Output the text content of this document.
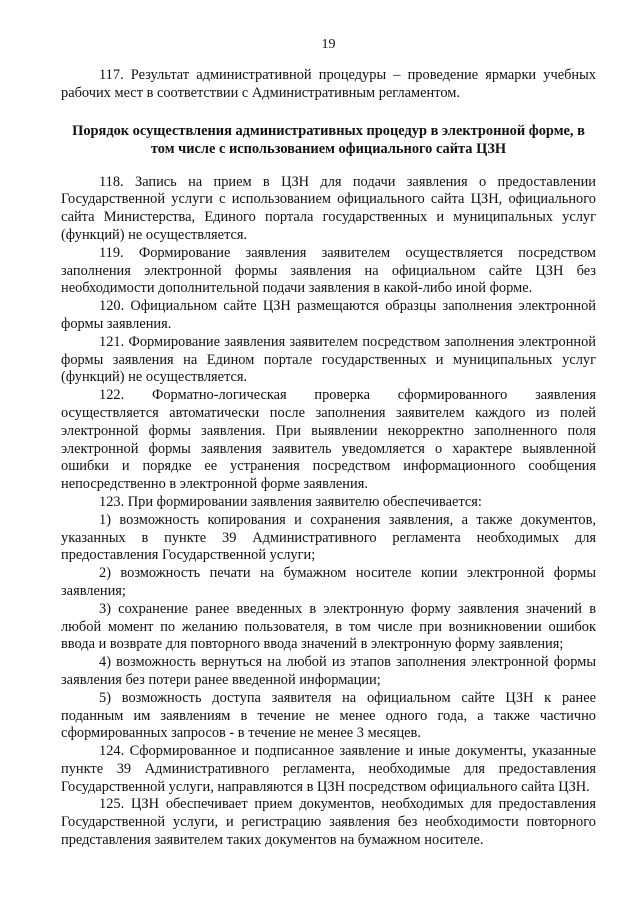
19

117. Результат административной процедуры – проведение ярмарки учебных рабочих мест в соответствии с Административным регламентом.

Порядок осуществления административных процедур в электронной форме, в том числе с использованием официального сайта ЦЗН

118. Запись на прием в ЦЗН для подачи заявления о предоставлении Государственной услуги с использованием официального сайта ЦЗН, официального сайта Министерства, Единого портала государственных и муниципальных услуг (функций) не осуществляется.

119. Формирование заявления заявителем осуществляется посредством заполнения электронной формы заявления на официальном сайте ЦЗН без необходимости дополнительной подачи заявления в какой-либо иной форме.

120. Официальном сайте ЦЗН размещаются образцы заполнения электронной формы заявления.

121. Формирование заявления заявителем посредством заполнения электронной формы заявления на Едином портале государственных и муниципальных услуг (функций) не осуществляется.

122. Форматно-логическая проверка сформированного заявления осуществляется автоматически после заполнения заявителем каждого из полей электронной формы заявления. При выявлении некорректно заполненного поля электронной формы заявления заявитель уведомляется о характере выявленной ошибки и порядке ее устранения посредством информационного сообщения непосредственно в электронной форме заявления.

123. При формировании заявления заявителю обеспечивается:

1) возможность копирования и сохранения заявления, а также документов, указанных в пункте 39 Административного регламента необходимых для предоставления Государственной услуги;

2) возможность печати на бумажном носителе копии электронной формы заявления;

3) сохранение ранее введенных в электронную форму заявления значений в любой момент по желанию пользователя, в том числе при возникновении ошибок ввода и возврате для повторного ввода значений в электронную форму заявления;

4) возможность вернуться на любой из этапов заполнения электронной формы заявления без потери ранее введенной информации;

5) возможность доступа заявителя на официальном сайте ЦЗН к ранее поданным им заявлениям в течение не менее одного года, а также частично сформированных запросов - в течение не менее 3 месяцев.

124. Сформированное и подписанное заявление и иные документы, указанные пункте 39 Административного регламента, необходимые для предоставления Государственной услуги, направляются в ЦЗН посредством официального сайта ЦЗН.

125. ЦЗН обеспечивает прием документов, необходимых для предоставления Государственной услуги, и регистрацию заявления без необходимости повторного представления заявителем таких документов на бумажном носителе.
